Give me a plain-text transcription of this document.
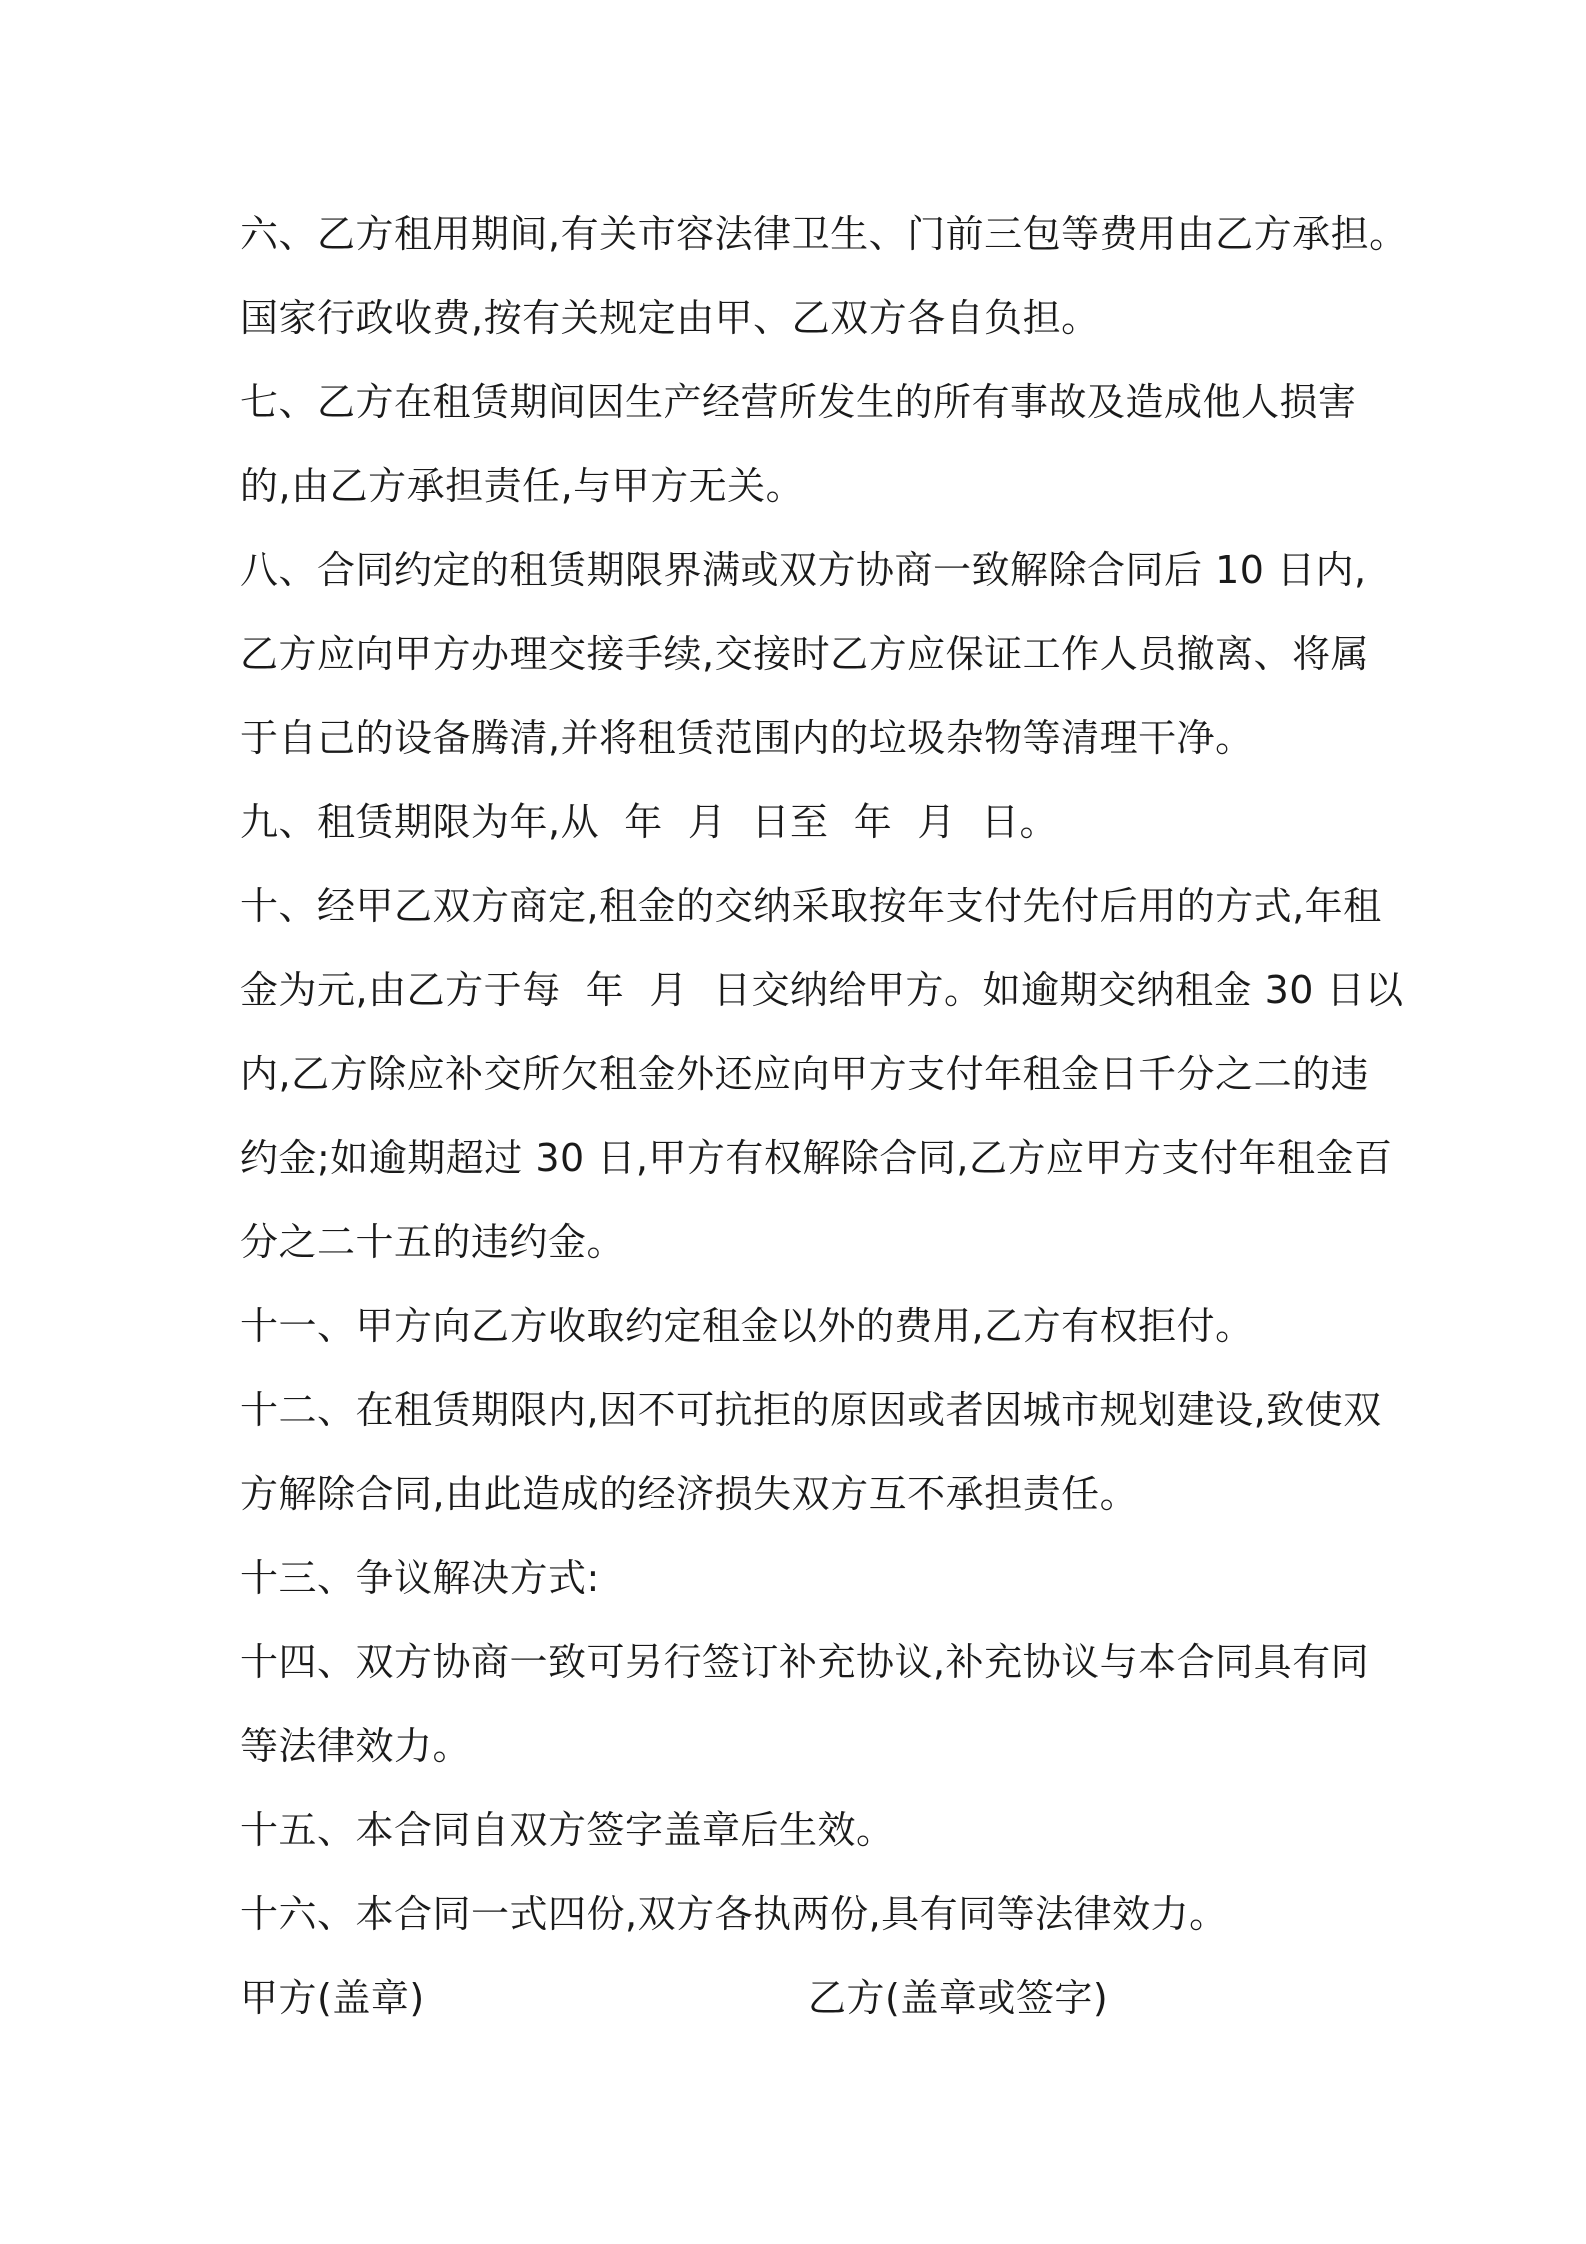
六、乙方租用期间,有关市容法律卫生、门前三包等费用由乙方承担。
国家行政收费,按有关规定由甲、乙双方各自负担。
七、乙方在租赁期间因生产经营所发生的所有事故及造成他人损害
的,由乙方承担责任,与甲方无关。
八、合同约定的租赁期限界满或双方协商一致解除合同后 10 日内,
乙方应向甲方办理交接手续,交接时乙方应保证工作人员撤离、将属
于自己的设备腾清,并将租赁范围内的垃圾杂物等清理干净。
九、租赁期限为年,从  年  月  日至  年  月  日。
十、经甲乙双方商定,租金的交纳采取按年支付先付后用的方式,年租
金为元,由乙方于每  年  月  日交纳给甲方。如逾期交纳租金 30 日以
内,乙方除应补交所欠租金外还应向甲方支付年租金日千分之二的违
约金;如逾期超过 30 日,甲方有权解除合同,乙方应甲方支付年租金百
分之二十五的违约金。
十一、甲方向乙方收取约定租金以外的费用,乙方有权拒付。
十二、在租赁期限内,因不可抗拒的原因或者因城市规划建设,致使双
方解除合同,由此造成的经济损失双方互不承担责任。
十三、争议解决方式:
十四、双方协商一致可另行签订补充协议,补充协议与本合同具有同
等法律效力。
十五、本合同自双方签字盖章后生效。
十六、本合同一式四份,双方各执两份,具有同等法律效力。
甲方(盖章)	乙方(盖章或签字)
